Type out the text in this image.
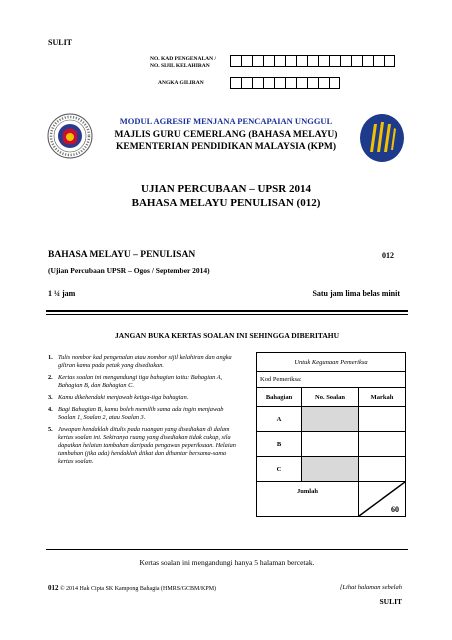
SULIT
NO. KAD PENGENALAN /
NO. SIJIL KELAHIRAN
ANGKA GILIRAN
MODUL AGRESIF MENJANA PENCAPAIAN UNGGUL
MAJLIS GURU CEMERLANG (BAHASA MELAYU)
KEMENTERIAN PENDIDIKAN MALAYSIA (KPM)
UJIAN PERCUBAAN – UPSR 2014
BAHASA MELAYU PENULISAN (012)
BAHASA MELAYU – PENULISAN	012
(Ujian Percubaan UPSR – Ogos / September 2014)
1 ¼ jam	Satu jam lima belas minit
JANGAN BUKA KERTAS SOALAN INI SEHINGGA DIBERITAHU
1. Tulis nombor kad pengenalan atau nombor sijil kelahiran dan angka giliran kamu pada petak yang disediakan.
2. Kertas soalan ini mengandungi tiga bahagian iaitu: Bahagian A, Bahagian B, dan Bahagian C.
3. Kamu dikehendaki menjawab ketiga-tiga bahagian.
4. Bagi Bahagian B, kamu boleh memilih sama ada ingin menjawab Soalan 1, Soalan 2, atau Soalan 3.
5. Jawapan hendaklah ditulis pada ruangan yang disediakan di dalam kertas soalan ini. Sekiranya ruang yang disediakan tidak cukup, sila dapatkan helaian tambahan daripada pengawas peperiksaan. Helaian tambahan (jika ada) hendaklah diikat dan dihantar bersama-sama kertas soalan.
Untuk Kegunaan Pemeriksa		
Kod Pemeriksa:		
Bahagian	No. Soalan	Markah
A		
B		
C		
Jumlah		60
Kertas soalan ini mengandungi hanya 5 halaman bercetak.
012 © 2014 Hak Cipta SK Kampong Bahagia (HMRS/GCBM/KPM)	[Lihat halaman sebelah
SULIT
